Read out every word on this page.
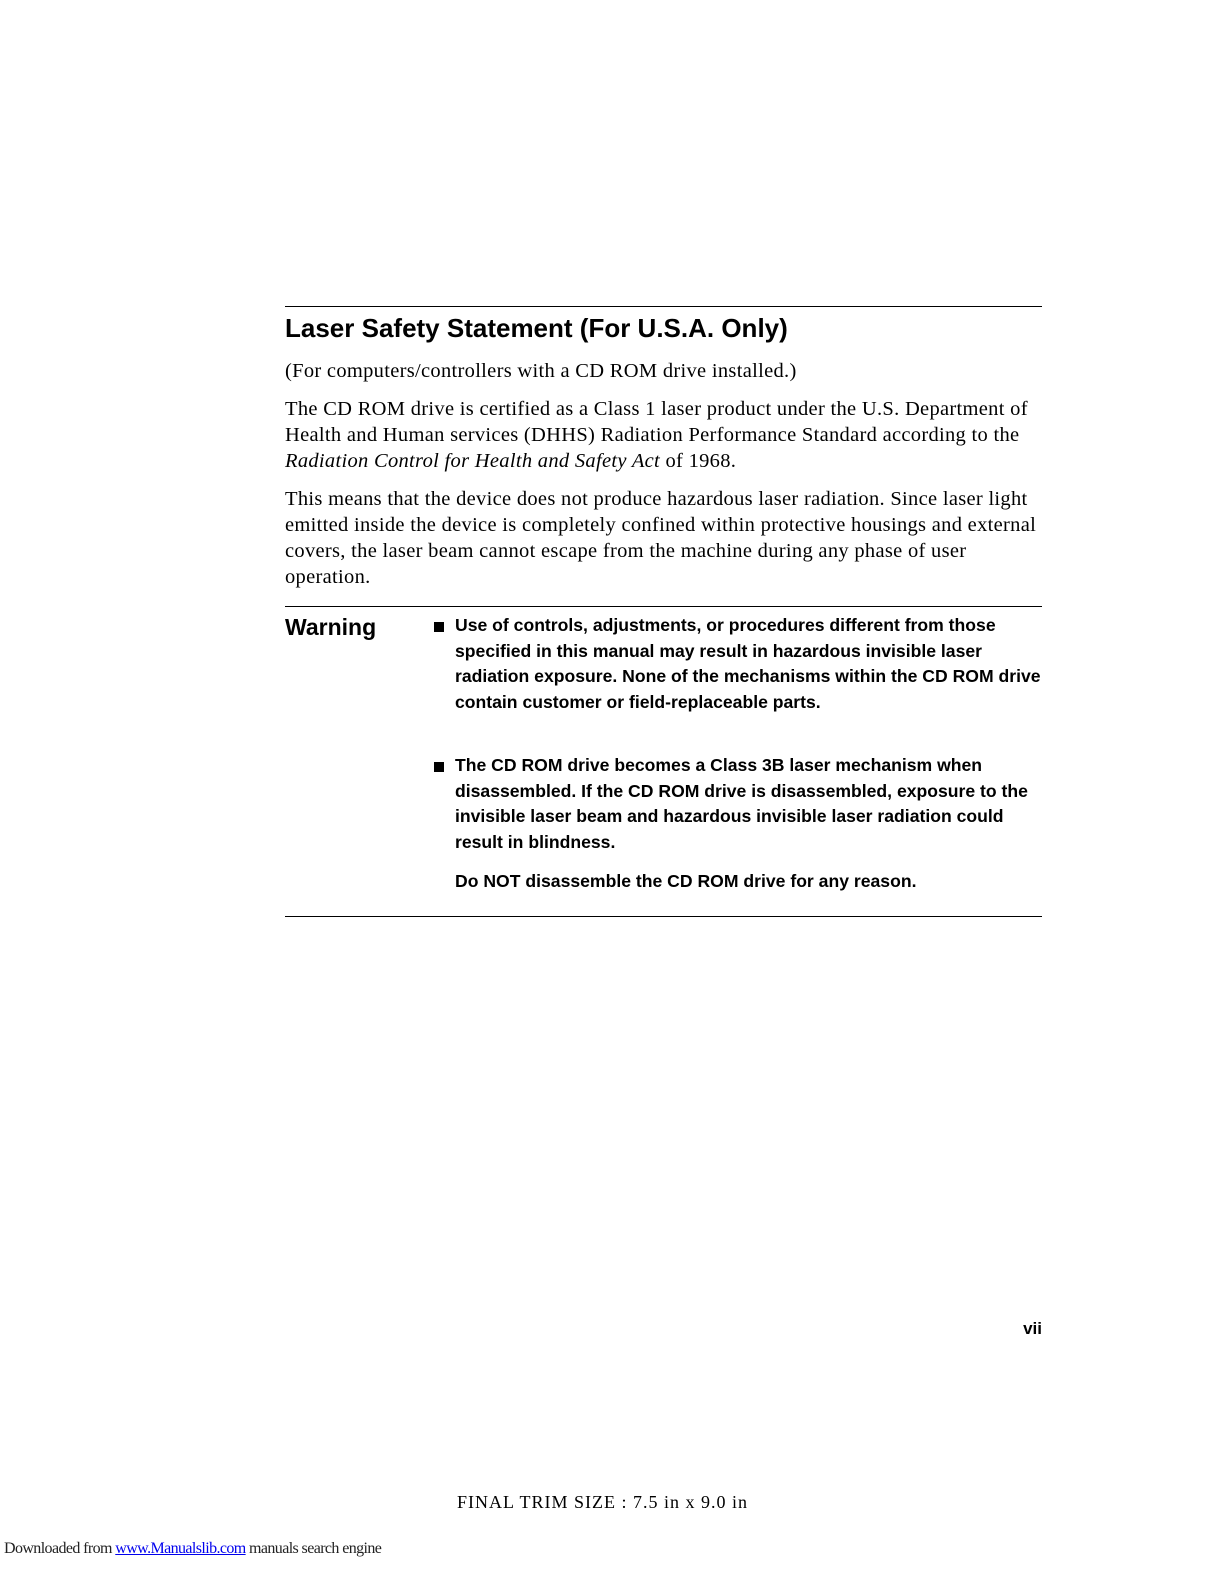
Laser Safety Statement (For U.S.A. Only)

(For computers/controllers with a CD ROM drive installed.)

The CD ROM drive is certified as a Class 1 laser product under the U.S. Department of Health and Human services (DHHS) Radiation Performance Standard according to the Radiation Control for Health and Safety Act of 1968.

This means that the device does not produce hazardous laser radiation. Since laser light emitted inside the device is completely confined within protective housings and external covers, the laser beam cannot escape from the machine during any phase of user operation.

Warning	Use of controls, adjustments, or procedures different from those specified in this manual may result in hazardous invisible laser radiation exposure. None of the mechanisms within the CD ROM drive contain customer or field-replaceable parts.

The CD ROM drive becomes a Class 3B laser mechanism when disassembled. If the CD ROM drive is disassembled, exposure to the invisible laser beam and hazardous invisible laser radiation could result in blindness.

Do NOT disassemble the CD ROM drive for any reason.

vii
FINAL TRIM SIZE : 7.5 in x 9.0 in
Downloaded from www.Manualslib.com manuals search engine
